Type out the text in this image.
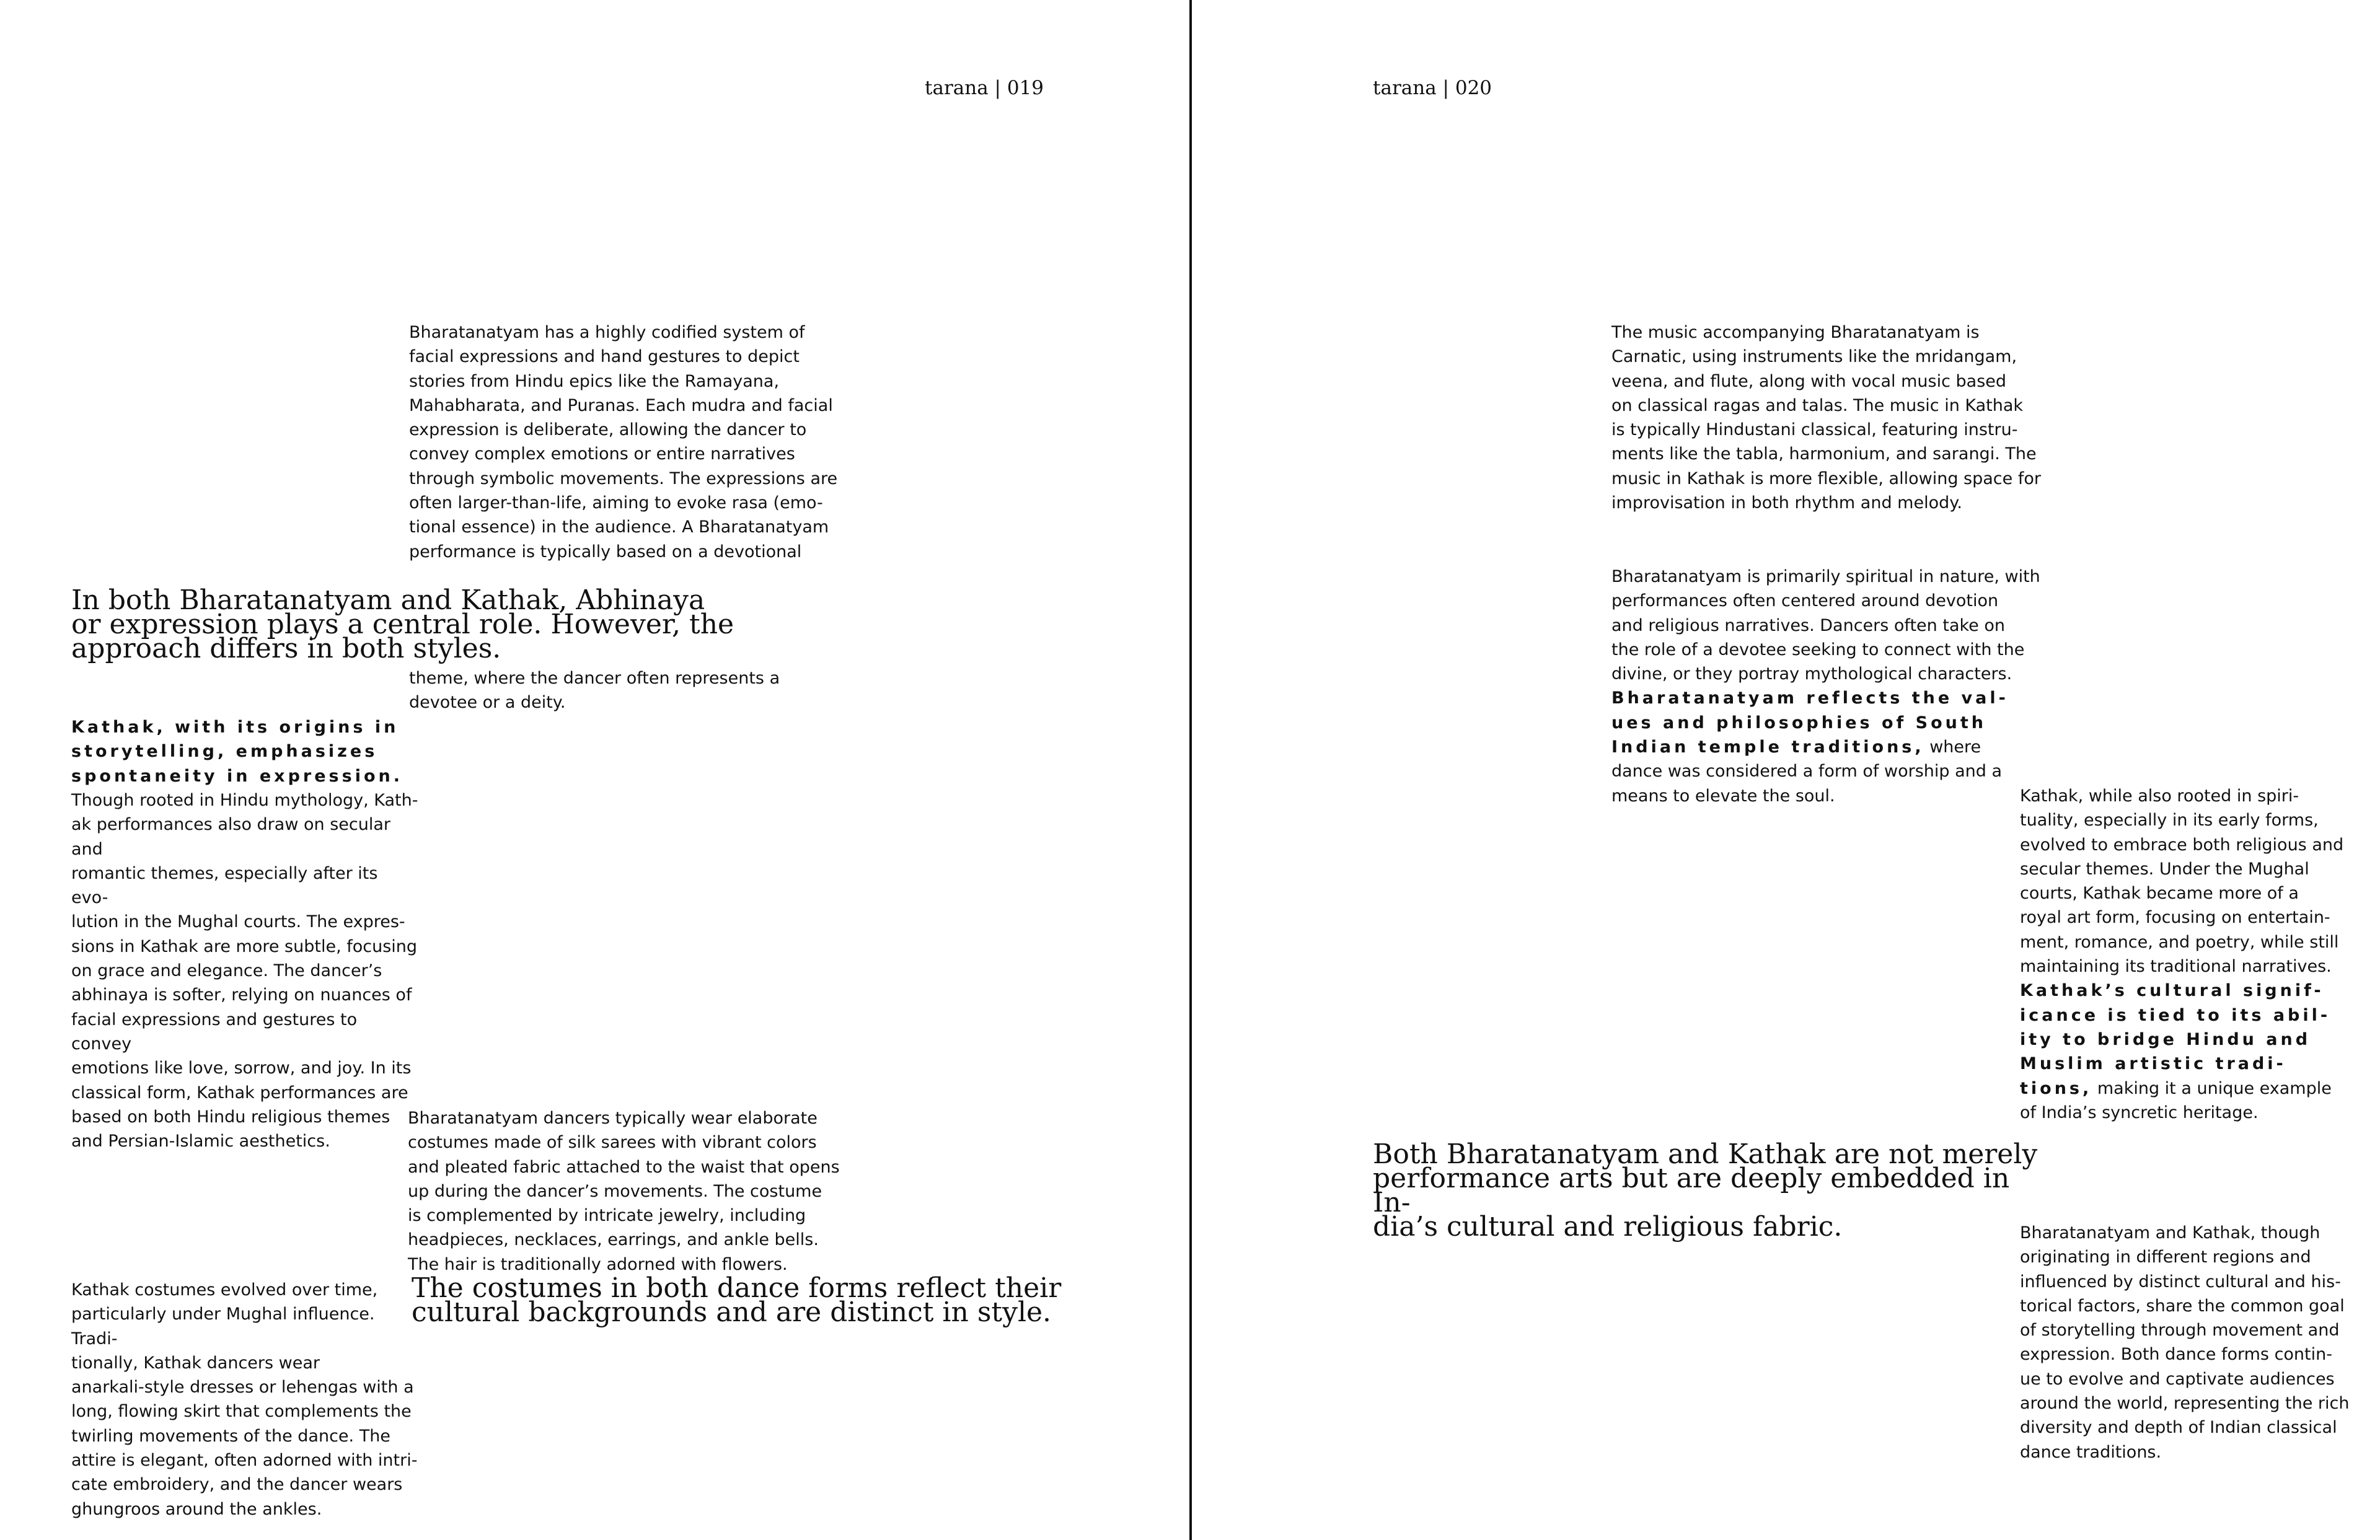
tarana | 019

Bharatanatyam has a highly codified system of
facial expressions and hand gestures to depict
stories from Hindu epics like the Ramayana,
Mahabharata, and Puranas. Each mudra and facial
expression is deliberate, allowing the dancer to
convey complex emotions or entire narratives
through symbolic movements. The expressions are
often larger-than-life, aiming to evoke rasa (emo-
tional essence) in the audience. A Bharatanatyam
performance is typically based on a devotional

In both Bharatanatyam and Kathak, Abhinaya
or expression plays a central role. However, the
approach differs in both styles.

theme, where the dancer often represents a
devotee or a deity.

Kathak, with its origins in
storytelling, emphasizes
spontaneity in expression.

Though rooted in Hindu mythology, Kath-
ak performances also draw on secular and
romantic themes, especially after its evo-
lution in the Mughal courts. The expres-
sions in Kathak are more subtle, focusing
on grace and elegance. The dancer’s
abhinaya is softer, relying on nuances of
facial expressions and gestures to convey
emotions like love, sorrow, and joy. In its
classical form, Kathak performances are
based on both Hindu religious themes
and Persian-Islamic aesthetics.

Bharatanatyam dancers typically wear elaborate
costumes made of silk sarees with vibrant colors
and pleated fabric attached to the waist that opens
up during the dancer’s movements. The costume
is complemented by intricate jewelry, including
headpieces, necklaces, earrings, and ankle bells.
The hair is traditionally adorned with flowers.

The costumes in both dance forms reflect their
cultural backgrounds and are distinct in style.

Kathak costumes evolved over time,
particularly under Mughal influence. Tradi-
tionally, Kathak dancers wear
anarkali-style dresses or lehengas with a
long, flowing skirt that complements the
twirling movements of the dance. The
attire is elegant, often adorned with intri-
cate embroidery, and the dancer wears
ghungroos around the ankles.

tarana | 020

The music accompanying Bharatanatyam is
Carnatic, using instruments like the mridangam,
veena, and flute, along with vocal music based
on classical ragas and talas. The music in Kathak
is typically Hindustani classical, featuring instru-
ments like the tabla, harmonium, and sarangi. The
music in Kathak is more flexible, allowing space for
improvisation in both rhythm and melody.

Bharatanatyam is primarily spiritual in nature, with
performances often centered around devotion
and religious narratives. Dancers often take on
the role of a devotee seeking to connect with the
divine, or they portray mythological characters.

Bharatanatyam reflects the val-
ues and philosophies of South
Indian temple traditions, where
dance was considered a form of worship and a
means to elevate the soul.	Kathak, while also rooted in spiri-
tuality, especially in its early forms,
evolved to embrace both religious and
secular themes. Under the Mughal
courts, Kathak became more of a
royal art form, focusing on entertain-
ment, romance, and poetry, while still
maintaining its traditional narratives.

Kathak’s cultural signif-
icance is tied to its abil-
ity to bridge Hindu and
Muslim artistic tradi-
tions, making it a unique example
of India’s syncretic heritage.

Both Bharatanatyam and Kathak are not merely
performance arts but are deeply embedded in In-
dia’s cultural and religious fabric.	Bharatanatyam and Kathak, though
originating in different regions and
influenced by distinct cultural and his-
torical factors, share the common goal
of storytelling through movement and
expression. Both dance forms contin-
ue to evolve and captivate audiences
around the world, representing the rich
diversity and depth of Indian classical
dance traditions.
